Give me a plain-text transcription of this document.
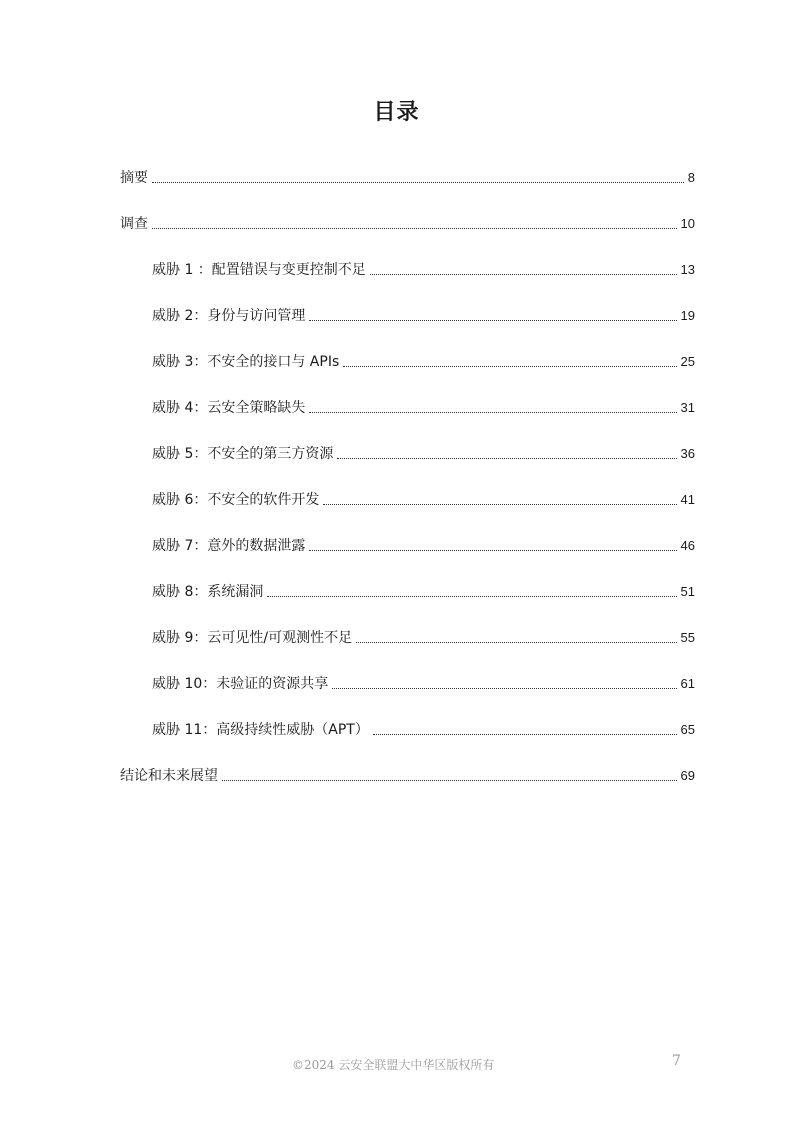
目录
摘要	8
调查	10
威胁 1 ：配置错误与变更控制不足	13
威胁 2：身份与访问管理	19
威胁 3：不安全的接口与 APIs	25
威胁 4：云安全策略缺失	31
威胁 5：不安全的第三方资源	36
威胁 6：不安全的软件开发	41
威胁 7：意外的数据泄露	46
威胁 8：系统漏洞	51
威胁 9：云可见性/可观测性不足	55
威胁 10：未验证的资源共享	61
威胁 11：高级持续性威胁（APT）	65
结论和未来展望	69
©2024 云安全联盟大中华区版权所有	7
